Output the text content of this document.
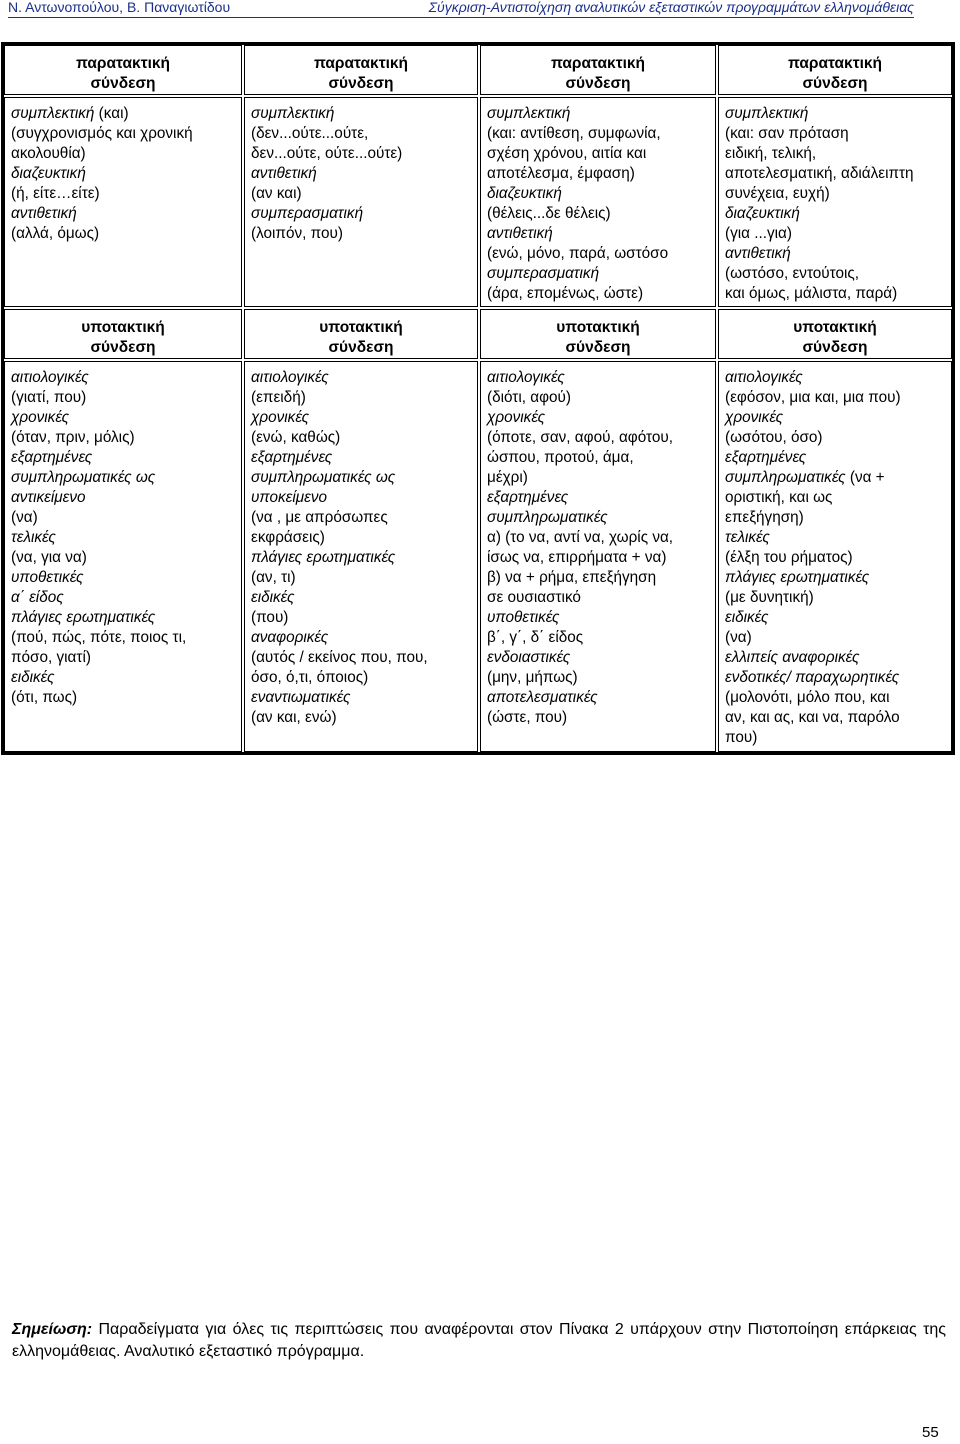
Ν. Αντωνοπούλου, Β. Παναγιωτίδου	Σύγκριση-Αντιστοίχηση αναλυτικών εξεταστικών προγραμμάτων ελληνομάθειας
παρατακτική
σύνδεση
παρατακτική
σύνδεση
παρατακτική
σύνδεση
παρατακτική
σύνδεση
συμπλεκτική (και)
(συγχρονισμός και χρονική
ακολουθία)
διαζευκτική
(ή, είτε…είτε)
αντιθετική
(αλλά, όμως)
συμπλεκτική
(δεν...ούτε...ούτε,
δεν...ούτε, ούτε...ούτε)
αντιθετική
(αν και)
συμπερασματική
(λοιπόν, που)
συμπλεκτική
(και: αντίθεση, συμφωνία,
σχέση χρόνου, αιτία και
αποτέλεσμα, έμφαση)
διαζευκτική
(θέλεις...δε θέλεις)
αντιθετική
(ενώ, μόνο, παρά, ωστόσο
συμπερασματική
(άρα, επομένως, ώστε)
συμπλεκτική
(και: σαν πρόταση
ειδική, τελική,
αποτελεσματική, αδιάλειπτη
συνέχεια, ευχή)
διαζευκτική
(για ...για)
αντιθετική
(ωστόσο, εντούτοις,
και όμως, μάλιστα, παρά)
υποτακτική
σύνδεση
υποτακτική
σύνδεση
υποτακτική
σύνδεση
υποτακτική
σύνδεση
αιτιολογικές
(γιατί, που)
χρονικές
(όταν, πριν, μόλις)
εξαρτημένες
συμπληρωματικές ως
αντικείμενο
(να)
τελικές
(να, για να)
υποθετικές
α΄ είδος
πλάγιες ερωτηματικές
(πού, πώς, πότε, ποιος τι,
πόσο, γιατί)
ειδικές
(ότι, πως)
αιτιολογικές
(επειδή)
χρονικές
(ενώ, καθώς)
εξαρτημένες
συμπληρωματικές ως
υποκείμενο
(να , με απρόσωπες
εκφράσεις)
πλάγιες ερωτηματικές
(αν, τι)
ειδικές
(που)
αναφορικές
(αυτός / εκείνος που, που,
όσο, ό,τι, όποιος)
εναντιωματικές
(αν και, ενώ)
αιτιολογικές
(διότι, αφού)
χρονικές
(όποτε, σαν, αφού, αφότου,
ώσπου, προτού, άμα,
μέχρι)
εξαρτημένες
συμπληρωματικές
α) (το να, αντί να, χωρίς να,
ίσως να, επιρρήματα + να)
β) να + ρήμα, επεξήγηση
σε ουσιαστικό
υποθετικές
β΄, γ΄, δ΄ είδος
ενδοιαστικές
(μην, μήπως)
αποτελεσματικές
(ώστε, που)
αιτιολογικές
(εφόσον, μια και, μια που)
χρονικές
(ωσότου, όσο)
εξαρτημένες
συμπληρωματικές (να +
οριστική, και ως
επεξήγηση)
τελικές
(έλξη του ρήματος)
πλάγιες ερωτηματικές
(με δυνητική)
ειδικές
(να)
ελλιπείς αναφορικές
ενδοτικές/ παραχωρητικές
(μολονότι, μόλο που, και
αν, και ας, και να, παρόλο
που)
Σημείωση: Παραδείγματα για όλες τις περιπτώσεις που αναφέρονται στον Πίνακα 2 υπάρχουν στην Πιστοποίηση επάρκειας της ελληνομάθειας. Αναλυτικό εξεταστικό πρόγραμμα.
55
